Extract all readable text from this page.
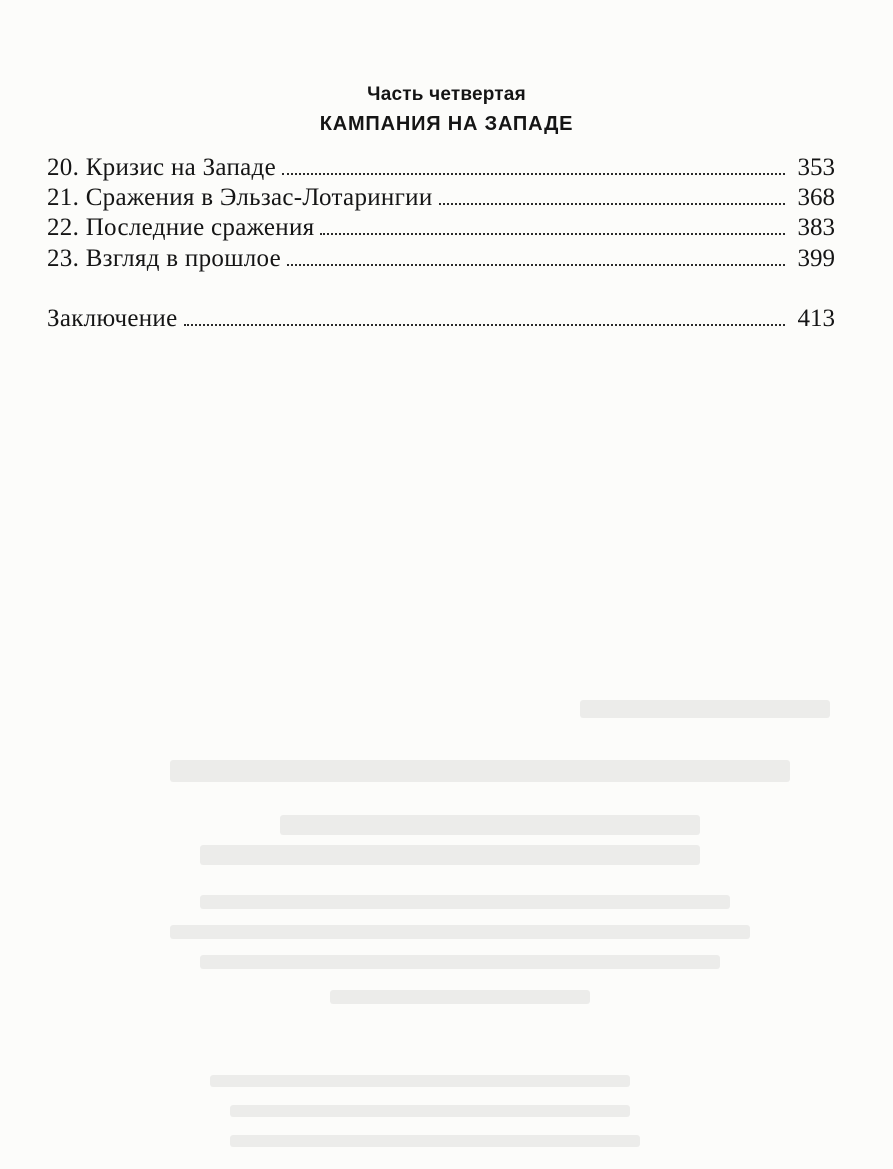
Часть четвертая
КАМПАНИЯ НА ЗАПАДЕ
20. Кризис на Западе	353
21. Сражения в Эльзас-Лотарингии	368
22. Последние сражения	383
23. Взгляд в прошлое	399
Заключение	413
